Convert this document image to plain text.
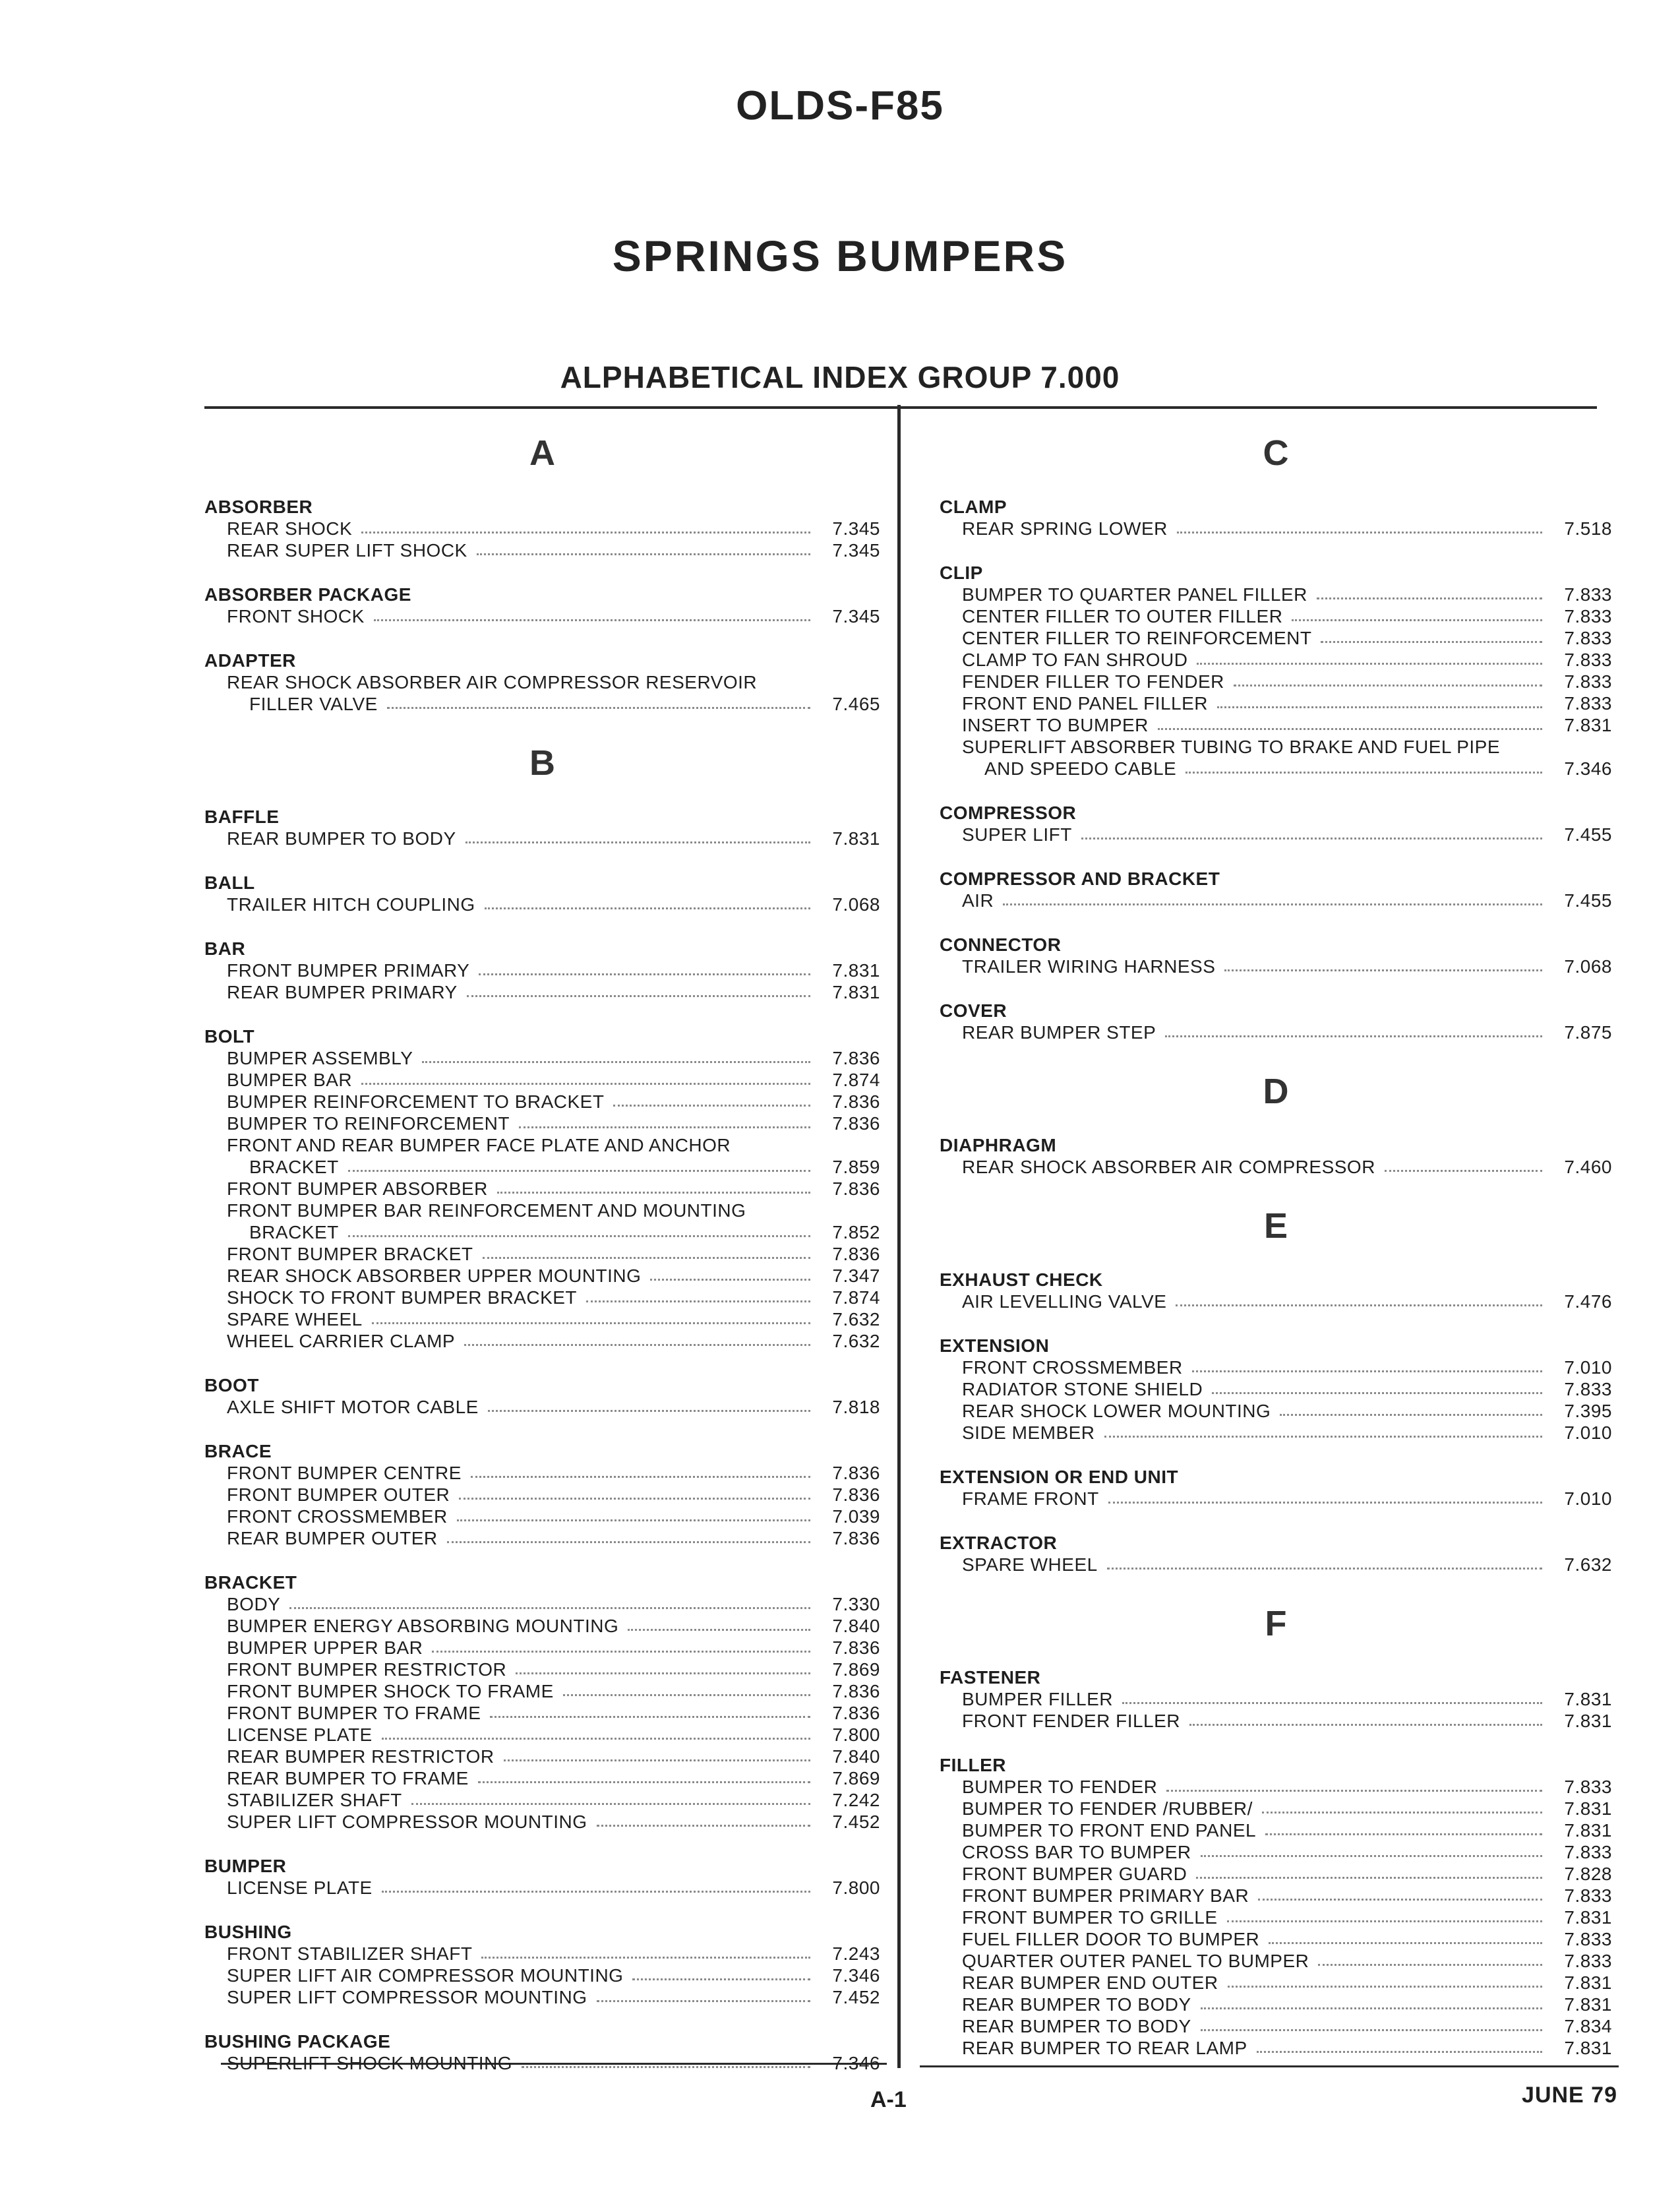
OLDS-F85
SPRINGS BUMPERS
ALPHABETICAL INDEX GROUP 7.000
A
ABSORBER
REAR SHOCK	7.345
REAR SUPER LIFT SHOCK	7.345
ABSORBER PACKAGE
FRONT SHOCK	7.345
ADAPTER
REAR SHOCK ABSORBER AIR COMPRESSOR RESERVOIR
FILLER VALVE	7.465
B
BAFFLE
REAR BUMPER TO BODY	7.831
BALL
TRAILER HITCH COUPLING	7.068
BAR
FRONT BUMPER PRIMARY	7.831
REAR BUMPER PRIMARY	7.831
BOLT
BUMPER ASSEMBLY	7.836
BUMPER BAR	7.874
BUMPER REINFORCEMENT TO BRACKET	7.836
BUMPER TO REINFORCEMENT	7.836
FRONT AND REAR BUMPER FACE PLATE AND ANCHOR
BRACKET	7.859
FRONT BUMPER ABSORBER	7.836
FRONT BUMPER BAR REINFORCEMENT AND MOUNTING
BRACKET	7.852
FRONT BUMPER BRACKET	7.836
REAR SHOCK ABSORBER UPPER MOUNTING	7.347
SHOCK TO FRONT BUMPER BRACKET	7.874
SPARE WHEEL	7.632
WHEEL CARRIER CLAMP	7.632
BOOT
AXLE SHIFT MOTOR CABLE	7.818
BRACE
FRONT BUMPER CENTRE	7.836
FRONT BUMPER OUTER	7.836
FRONT CROSSMEMBER	7.039
REAR BUMPER OUTER	7.836
BRACKET
BODY	7.330
BUMPER ENERGY ABSORBING MOUNTING	7.840
BUMPER UPPER BAR	7.836
FRONT BUMPER RESTRICTOR	7.869
FRONT BUMPER SHOCK TO FRAME	7.836
FRONT BUMPER TO FRAME	7.836
LICENSE PLATE	7.800
REAR BUMPER RESTRICTOR	7.840
REAR BUMPER TO FRAME	7.869
STABILIZER SHAFT	7.242
SUPER LIFT COMPRESSOR MOUNTING	7.452
BUMPER
LICENSE PLATE	7.800
BUSHING
FRONT STABILIZER SHAFT	7.243
SUPER LIFT AIR COMPRESSOR MOUNTING	7.346
SUPER LIFT COMPRESSOR MOUNTING	7.452
BUSHING PACKAGE
SUPERLIFT SHOCK MOUNTING	7.346
C
CLAMP
REAR SPRING LOWER	7.518
CLIP
BUMPER TO QUARTER PANEL FILLER	7.833
CENTER FILLER TO OUTER FILLER	7.833
CENTER FILLER TO REINFORCEMENT	7.833
CLAMP TO FAN SHROUD	7.833
FENDER FILLER TO FENDER	7.833
FRONT END PANEL FILLER	7.833
INSERT TO BUMPER	7.831
SUPERLIFT ABSORBER TUBING TO BRAKE AND FUEL PIPE
AND SPEEDO CABLE	7.346
COMPRESSOR
SUPER LIFT	7.455
COMPRESSOR AND BRACKET
AIR	7.455
CONNECTOR
TRAILER WIRING HARNESS	7.068
COVER
REAR BUMPER STEP	7.875
D
DIAPHRAGM
REAR SHOCK ABSORBER AIR COMPRESSOR	7.460
E
EXHAUST CHECK
AIR LEVELLING VALVE	7.476
EXTENSION
FRONT CROSSMEMBER	7.010
RADIATOR STONE SHIELD	7.833
REAR SHOCK LOWER MOUNTING	7.395
SIDE MEMBER	7.010
EXTENSION OR END UNIT
FRAME FRONT	7.010
EXTRACTOR
SPARE WHEEL	7.632
F
FASTENER
BUMPER FILLER	7.831
FRONT FENDER FILLER	7.831
FILLER
BUMPER TO FENDER	7.833
BUMPER TO FENDER /RUBBER/	7.831
BUMPER TO FRONT END PANEL	7.831
CROSS BAR TO BUMPER	7.833
FRONT BUMPER GUARD	7.828
FRONT BUMPER PRIMARY BAR	7.833
FRONT BUMPER TO GRILLE	7.831
FUEL FILLER DOOR TO BUMPER	7.833
QUARTER OUTER PANEL TO BUMPER	7.833
REAR BUMPER END OUTER	7.831
REAR BUMPER TO BODY	7.831
REAR BUMPER TO BODY	7.834
REAR BUMPER TO REAR LAMP	7.831
A-1	JUNE 79
